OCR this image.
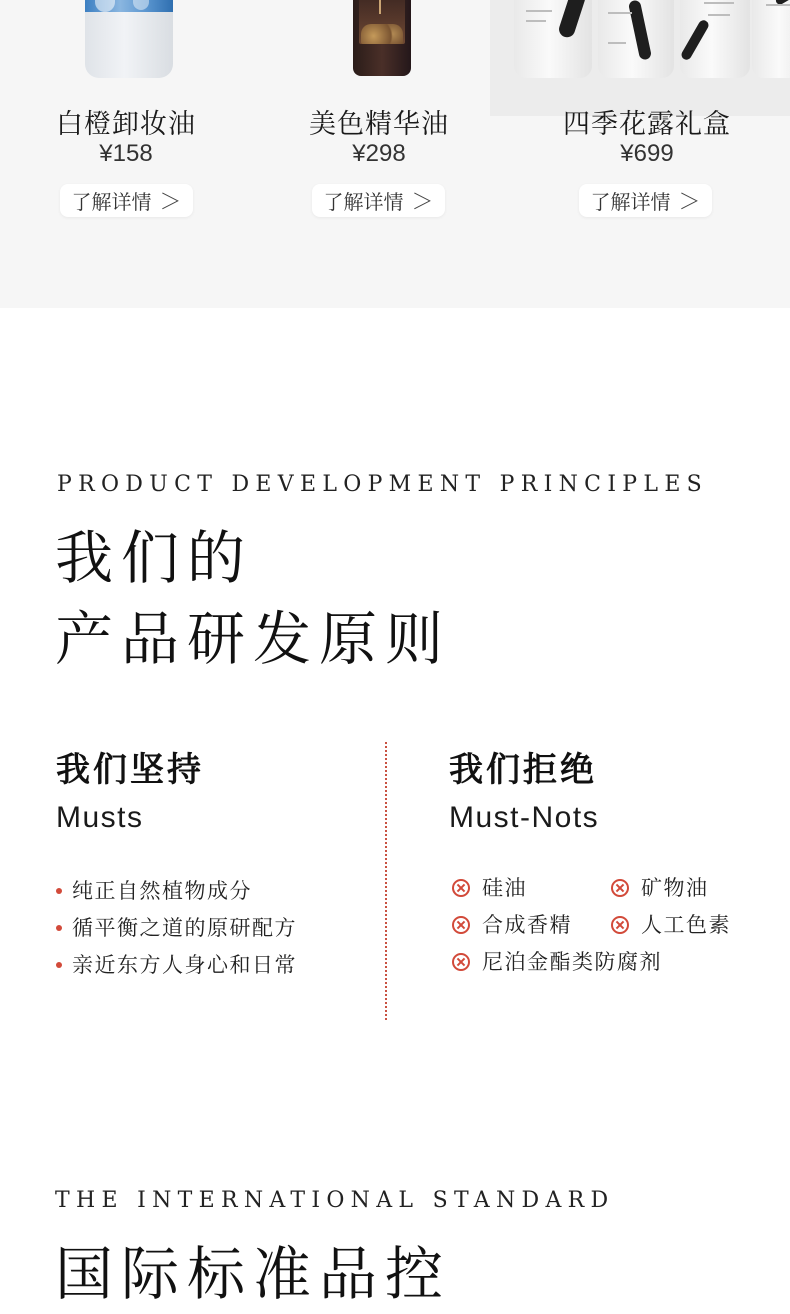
白橙卸妆油
¥158
了解详情 ＞
美色精华油
¥298
了解详情 ＞
四季花露礼盒
¥699
了解详情 ＞
PRODUCT DEVELOPMENT PRINCIPLES
我们的
产品研发原则
我们坚持
Musts
纯正自然植物成分
循平衡之道的原研配方
亲近东方人身心和日常
我们拒绝
Must-Nots
硅油	矿物油
合成香精	人工色素
尼泊金酯类防腐剂
THE INTERNATIONAL STANDARD
国际标准品控
